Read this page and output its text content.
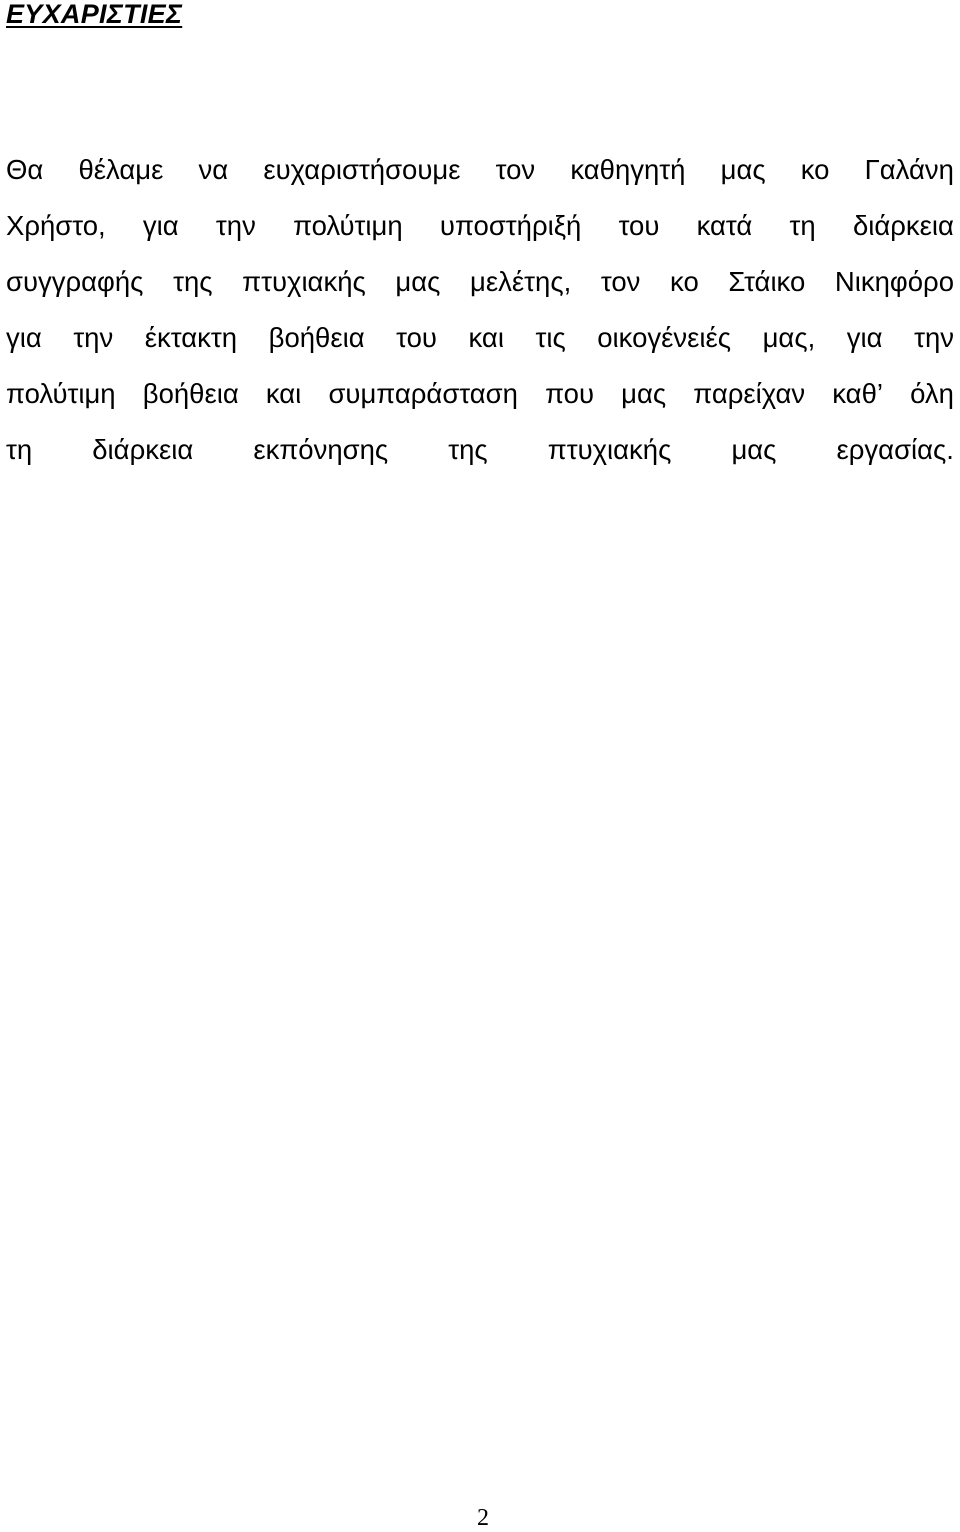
ΕΥΧΑΡΙΣΤΙΕΣ
Θα θέλαμε να ευχαριστήσουμε τον καθηγητή μας κο Γαλάνη
Χρήστο, για την πολύτιμη υποστήριξή του κατά τη διάρκεια
συγγραφής της πτυχιακής μας μελέτης, τον κο Στάικο Νικηφόρο
για την έκτακτη βοήθεια του και τις οικογένειές μας, για την
πολύτιμη βοήθεια και συμπαράσταση που μας παρείχαν καθ’ όλη
τη διάρκεια εκπόνησης της πτυχιακής μας εργασίας.
2
